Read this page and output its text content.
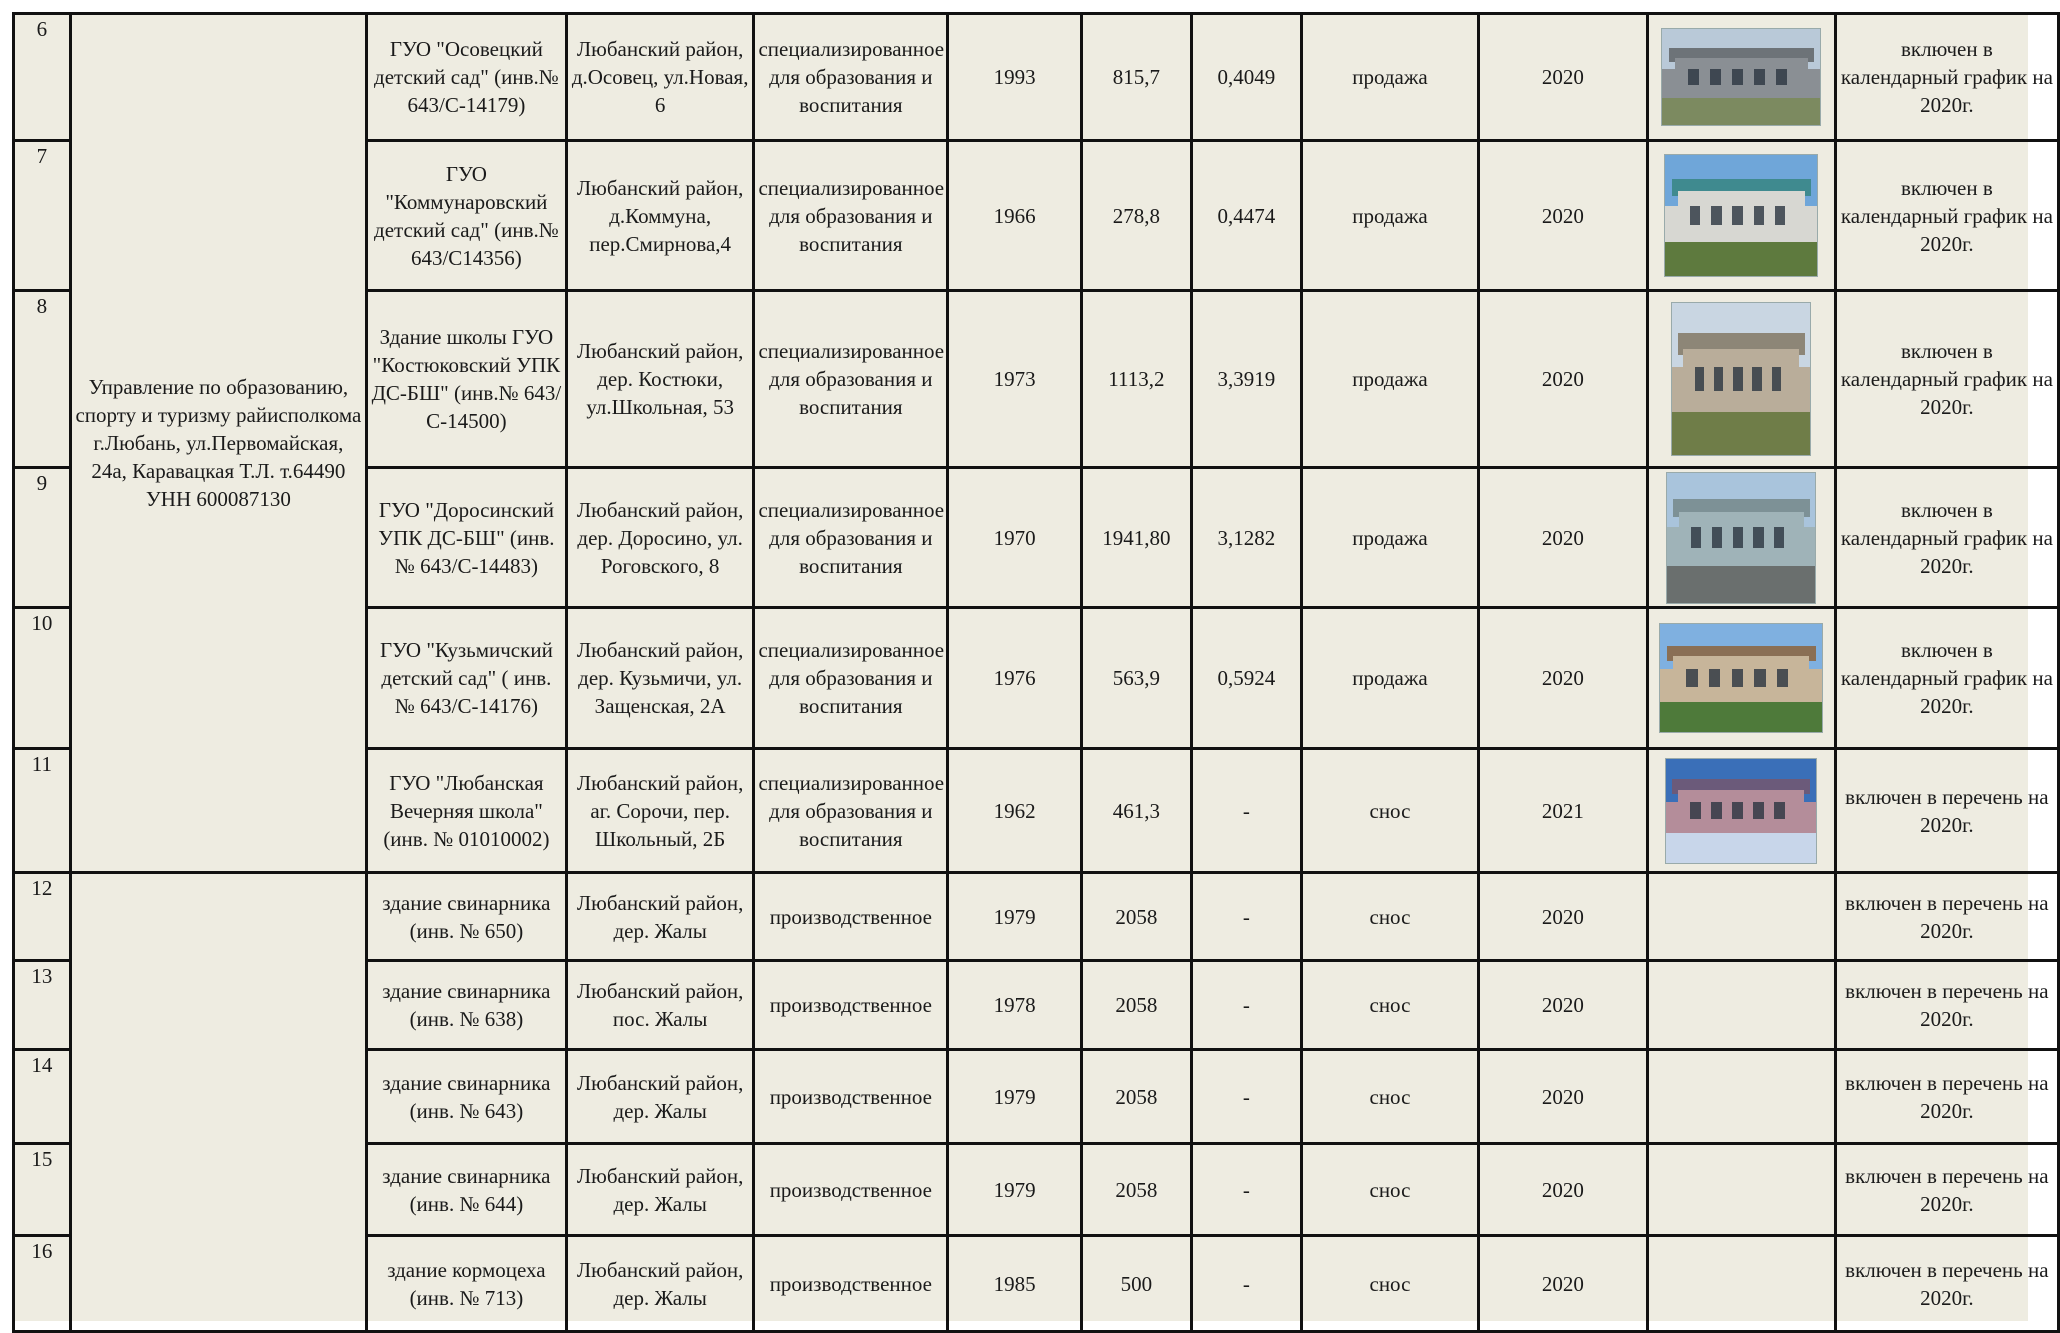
6	Управление по образованию, спорту и туризму райисполкома г.Любань, ул.Первомайская, 24а, Каравацкая Т.Л. т.64490 УНН 600087130	ГУО "Осовецкий детский сад" (инв.№ 643/С-14179)	Любанский район, д.Осовец, ул.Новая, 6	специализированное для образования и воспитания	1993	815,7	0,4049	продажа	2020		включен в календарный график на 2020г.
7		ГУО "Коммунаровский детский сад" (инв.№ 643/С14356)	Любанский район, д.Коммуна, пер.Смирнова,4	специализированное для образования и воспитания	1966	278,8	0,4474	продажа	2020		включен в календарный график на 2020г.
8		Здание школы ГУО "Костюковский УПК ДС-БШ" (инв.№ 643/С-14500)	Любанский район, дер. Костюки, ул.Школьная, 53	специализированное для образования и воспитания	1973	1113,2	3,3919	продажа	2020		включен в календарный график на 2020г.
9		ГУО "Доросинский УПК ДС-БШ" (инв.№ 643/С-14483)	Любанский район, дер. Доросино, ул. Роговского, 8	специализированное для образования и воспитания	1970	1941,80	3,1282	продажа	2020		включен в календарный график на 2020г.
10		ГУО "Кузьмичский детский сад" ( инв. № 643/С-14176)	Любанский район, дер. Кузьмичи, ул. Защенская, 2А	специализированное для образования и воспитания	1976	563,9	0,5924	продажа	2020		включен в календарный график на 2020г.
11		ГУО "Любанская Вечерняя школа" (инв. № 01010002)	Любанский район, аг. Сорочи, пер. Школьный, 2Б	специализированное для образования и воспитания	1962	461,3	-	снос	2021		включен в перечень на 2020г.
12		здание свинарника (инв. № 650)	Любанский район, дер. Жалы	производственное	1979	2058	-	снос	2020		включен в перечень на 2020г.
13		здание свинарника (инв. № 638)	Любанский район, пос. Жалы	производственное	1978	2058	-	снос	2020		включен в перечень на 2020г.
14		здание свинарника (инв. № 643)	Любанский район, дер. Жалы	производственное	1979	2058	-	снос	2020		включен в перечень на 2020г.
15		здание свинарника (инв. № 644)	Любанский район, дер. Жалы	производственное	1979	2058	-	снос	2020		включен в перечень на 2020г.
16		здание кормоцеха (инв. № 713)	Любанский район, дер. Жалы	производственное	1985	500	-	снос	2020		включен в перечень на 2020г.
